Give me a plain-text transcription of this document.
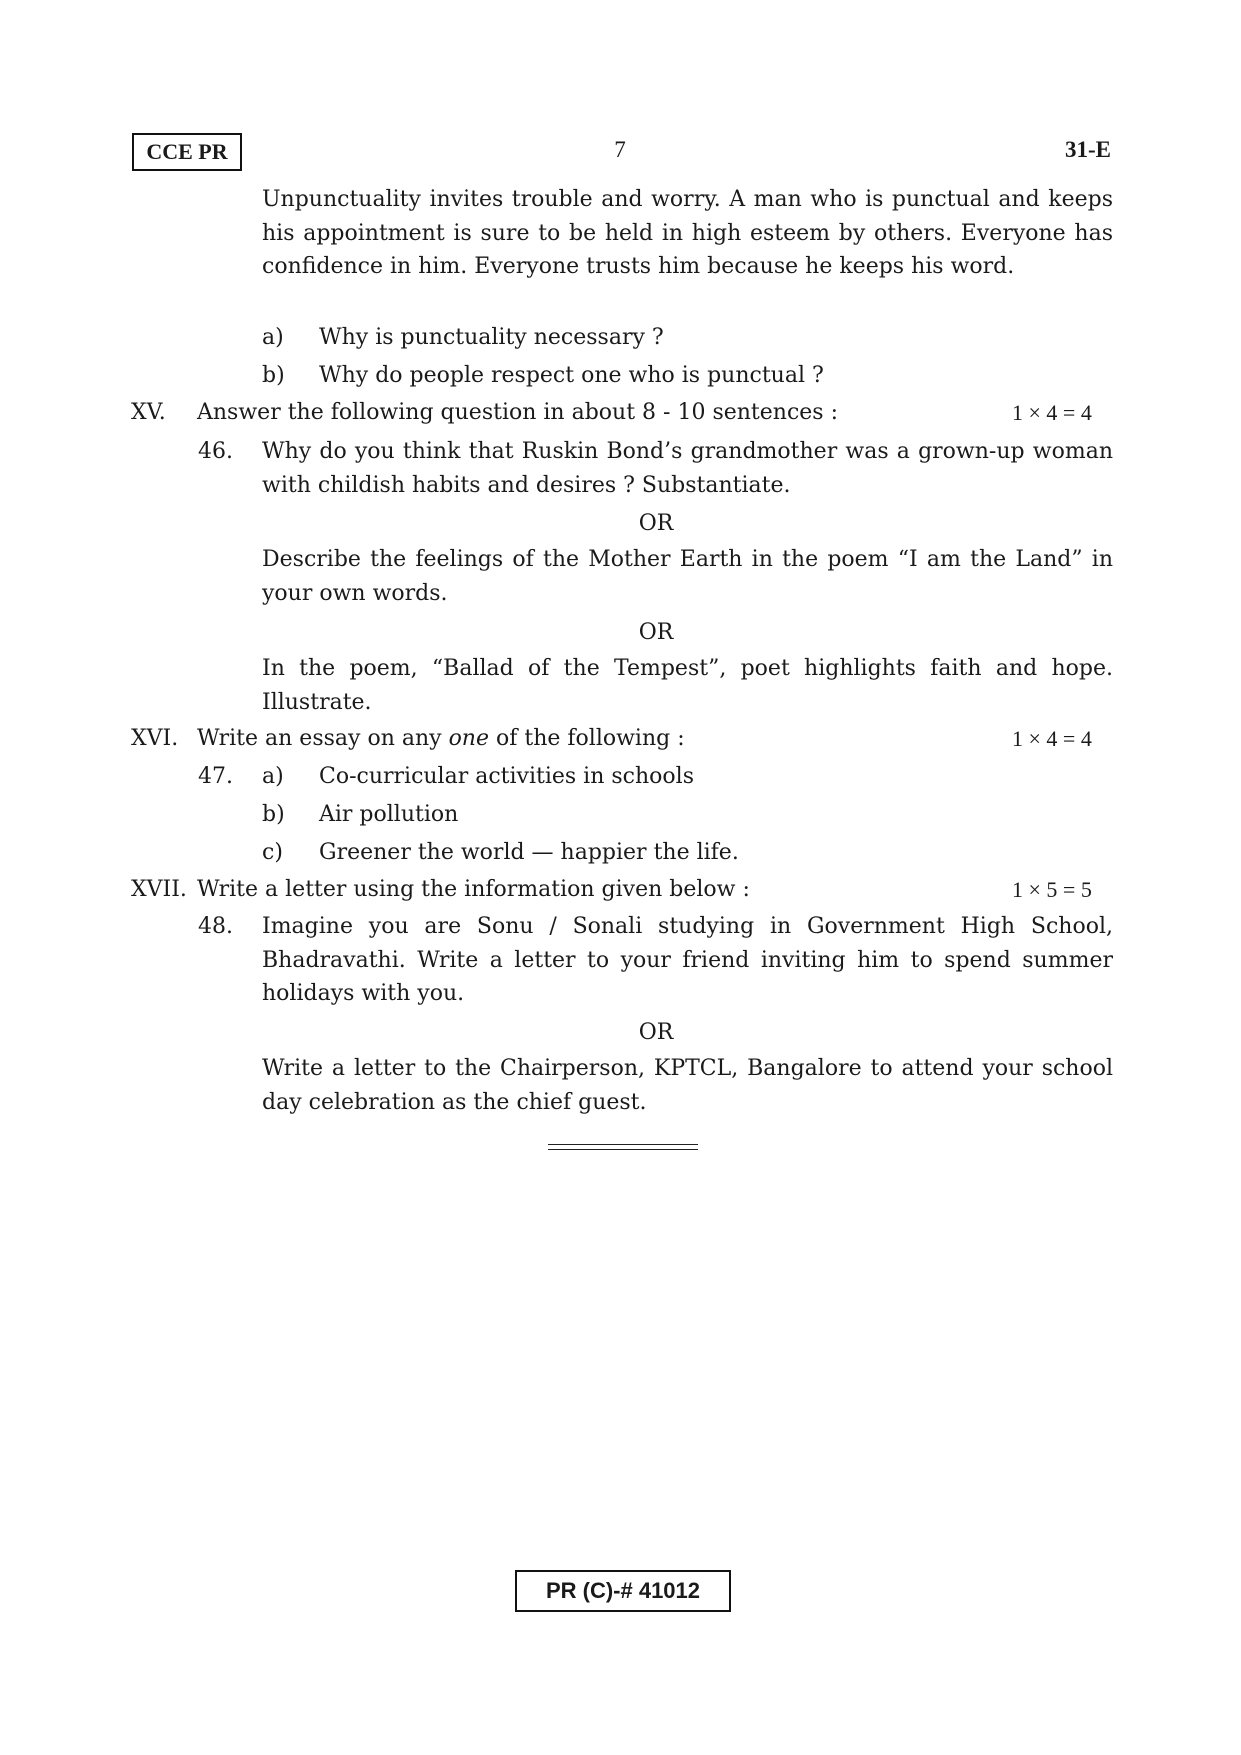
CCE PR	7	31-E
Unpunctuality invites trouble and worry. A man who is punctual and keeps his appointment is sure to be held in high esteem by others. Everyone has confidence in him. Everyone trusts him because he keeps his word.
a) Why is punctuality necessary ?
b) Why do people respect one who is punctual ?
XV. Answer the following question in about 8 - 10 sentences :	1 × 4 = 4
46. Why do you think that Ruskin Bond’s grandmother was a grown-up woman with childish habits and desires ? Substantiate.
OR
Describe the feelings of the Mother Earth in the poem “I am the Land” in your own words.
OR
In the poem, “Ballad of the Tempest”, poet highlights faith and hope. Illustrate.
XVI. Write an essay on any one of the following :	1 × 4 = 4
47. a) Co-curricular activities in schools
b) Air pollution
c) Greener the world — happier the life.
XVII. Write a letter using the information given below :	1 × 5 = 5
48. Imagine you are Sonu / Sonali studying in Government High School, Bhadravathi. Write a letter to your friend inviting him to spend summer holidays with you.
OR
Write a letter to the Chairperson, KPTCL, Bangalore to attend your school day celebration as the chief guest.
PR (C)-# 41012
